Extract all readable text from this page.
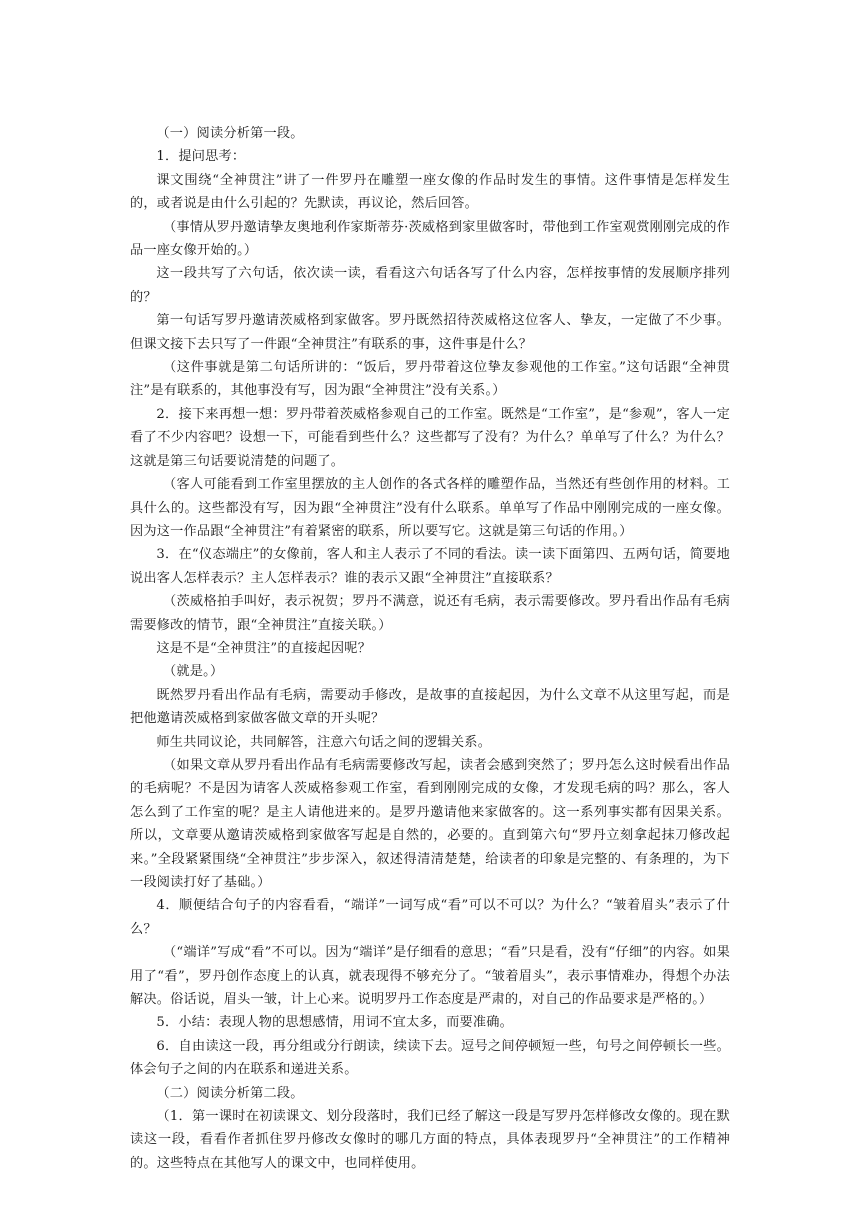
（一）阅读分析第一段。

1．提问思考：

课文围绕“全神贯注”讲了一件罗丹在雕塑一座女像的作品时发生的事情。这件事情是怎样发生的，或者说是由什么引起的？先默读，再议论，然后回答。

（事情从罗丹邀请挚友奥地利作家斯蒂芬·茨威格到家里做客时，带他到工作室观赏刚刚完成的作品一座女像开始的。）

这一段共写了六句话，依次读一读，看看这六句话各写了什么内容，怎样按事情的发展顺序排列的？

第一句话写罗丹邀请茨威格到家做客。罗丹既然招待茨威格这位客人、挚友，一定做了不少事。但课文接下去只写了一件跟“全神贯注”有联系的事，这件事是什么？

（这件事就是第二句话所讲的：“饭后，罗丹带着这位挚友参观他的工作室。”这句话跟“全神贯注”是有联系的，其他事没有写，因为跟“全神贯注”没有关系。）

2．接下来再想一想：罗丹带着茨威格参观自己的工作室。既然是“工作室”，是“参观”，客人一定看了不少内容吧？设想一下，可能看到些什么？这些都写了没有？为什么？单单写了什么？为什么？这就是第三句话要说清楚的问题了。

（客人可能看到工作室里摆放的主人创作的各式各样的雕塑作品，当然还有些创作用的材料。工具什么的。这些都没有写，因为跟“全神贯注”没有什么联系。单单写了作品中刚刚完成的一座女像。因为这一作品跟“全神贯注”有着紧密的联系，所以要写它。这就是第三句话的作用。）

3．在“仪态端庄”的女像前，客人和主人表示了不同的看法。读一读下面第四、五两句话，简要地说出客人怎样表示？主人怎样表示？谁的表示又跟“全神贯注”直接联系？

（茨威格拍手叫好，表示祝贺；罗丹不满意，说还有毛病，表示需要修改。罗丹看出作品有毛病需要修改的情节，跟“全神贯注”直接关联。）

这是不是“全神贯注”的直接起因呢？

（就是。）

既然罗丹看出作品有毛病，需要动手修改，是故事的直接起因，为什么文章不从这里写起，而是把他邀请茨威格到家做客做文章的开头呢？

师生共同议论，共同解答，注意六句话之间的逻辑关系。

（如果文章从罗丹看出作品有毛病需要修改写起，读者会感到突然了；罗丹怎么这时候看出作品的毛病呢？不是因为请客人茨威格参观工作室，看到刚刚完成的女像，才发现毛病的吗？那么，客人怎么到了工作室的呢？是主人请他进来的。是罗丹邀请他来家做客的。这一系列事实都有因果关系。所以，文章要从邀请茨威格到家做客写起是自然的，必要的。直到第六句“罗丹立刻拿起抹刀修改起来。”全段紧紧围绕“全神贯注”步步深入，叙述得清清楚楚，给读者的印象是完整的、有条理的，为下一段阅读打好了基础。）

4．顺便结合句子的内容看看，“端详”一词写成“看”可以不可以？为什么？“皱着眉头”表示了什么？

（“端详”写成“看”不可以。因为“端详”是仔细看的意思；“看”只是看，没有“仔细”的内容。如果用了“看”，罗丹创作态度上的认真，就表现得不够充分了。“皱着眉头”，表示事情难办，得想个办法解决。俗话说，眉头一皱，计上心来。说明罗丹工作态度是严肃的，对自己的作品要求是严格的。）

5．小结：表现人物的思想感情，用词不宜太多，而要准确。

6．自由读这一段，再分组或分行朗读，续读下去。逗号之间停顿短一些，句号之间停顿长一些。体会句子之间的内在联系和递进关系。

（二）阅读分析第二段。

（1．第一课时在初读课文、划分段落时，我们已经了解这一段是写罗丹怎样修改女像的。现在默读这一段，看看作者抓住罗丹修改女像时的哪几方面的特点，具体表现罗丹“全神贯注”的工作精神的。这些特点在其他写人的课文中，也同样使用。
